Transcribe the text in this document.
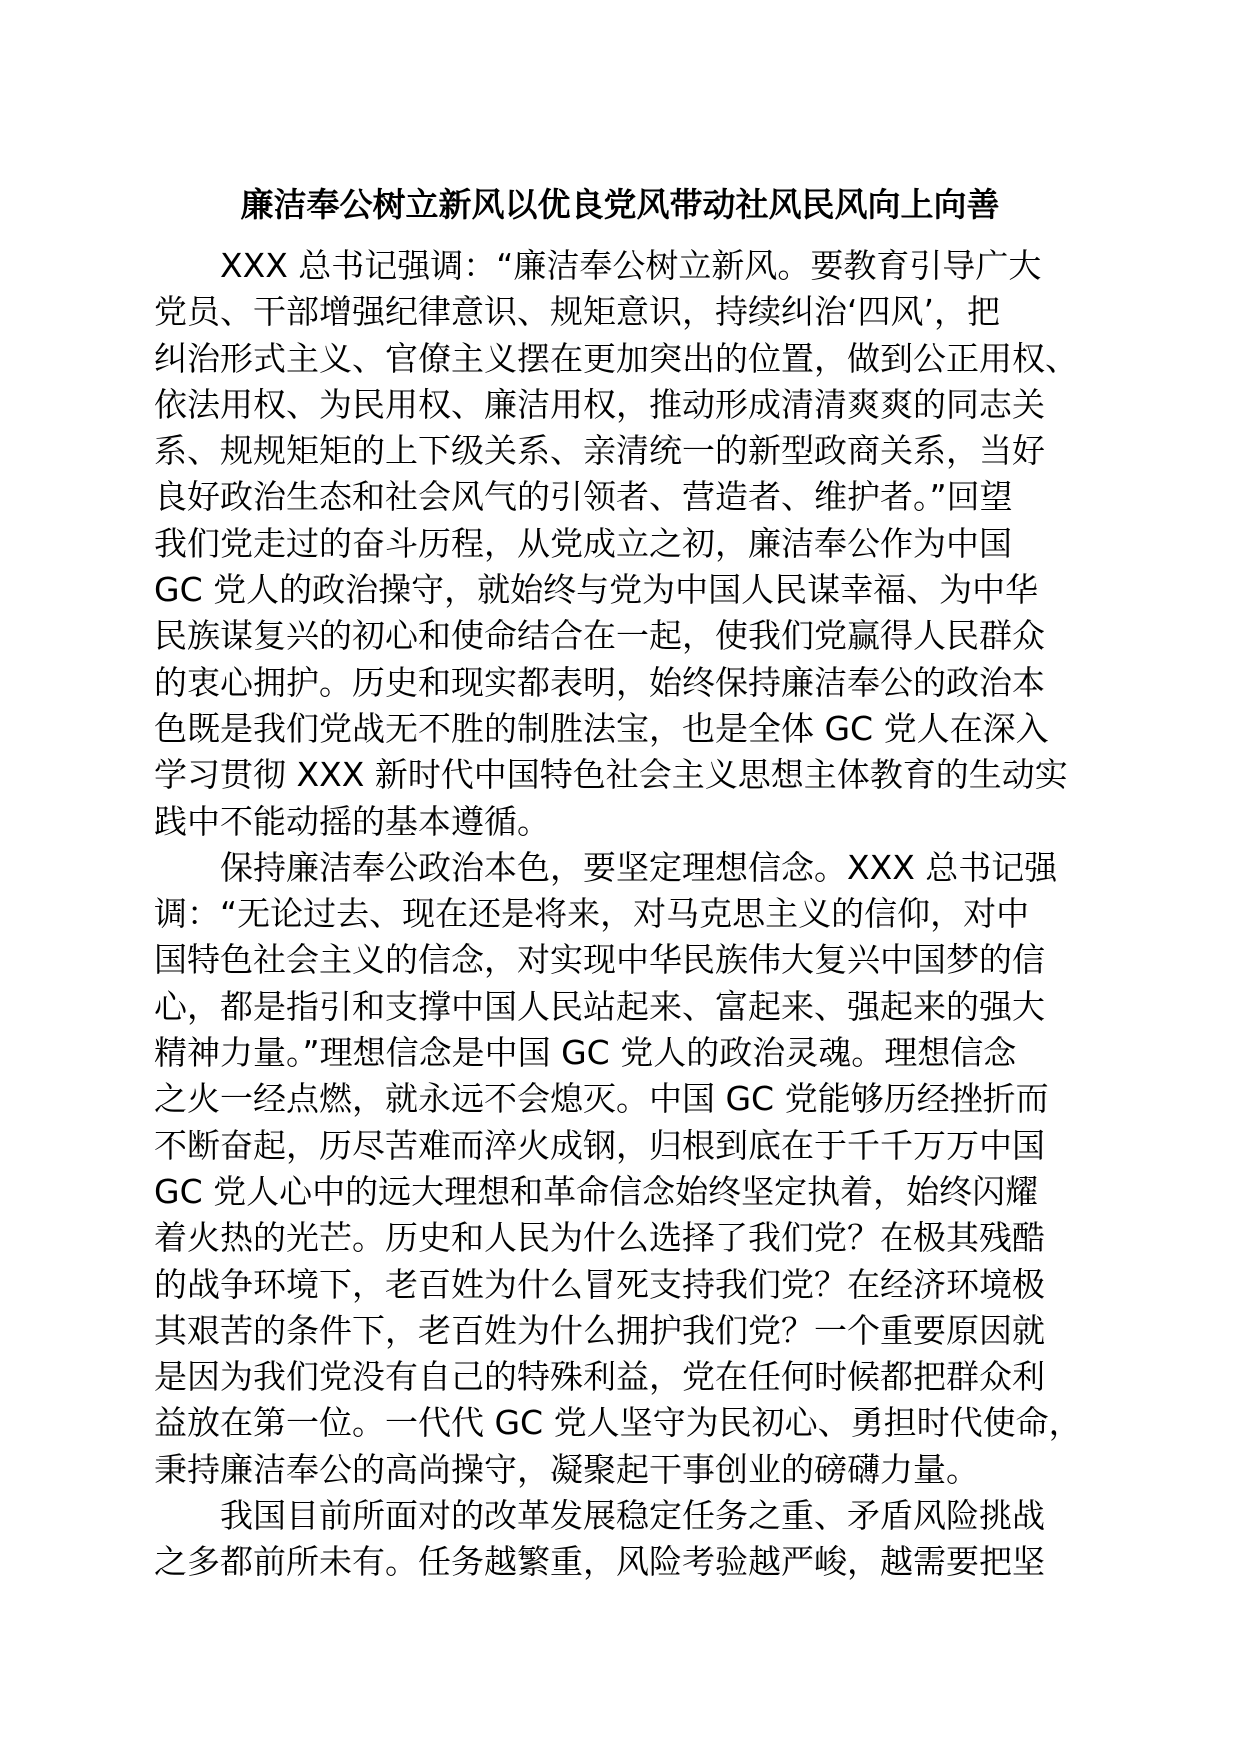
廉洁奉公树立新风以优良党风带动社风民风向上向善
XXX 总书记强调：“廉洁奉公树立新风。要教育引导广大
党员、干部增强纪律意识、规矩意识，持续纠治‘四风’，把
纠治形式主义、官僚主义摆在更加突出的位置，做到公正用权、
依法用权、为民用权、廉洁用权，推动形成清清爽爽的同志关
系、规规矩矩的上下级关系、亲清统一的新型政商关系，当好
良好政治生态和社会风气的引领者、营造者、维护者。”回望
我们党走过的奋斗历程，从党成立之初，廉洁奉公作为中国
GC 党人的政治操守，就始终与党为中国人民谋幸福、为中华
民族谋复兴的初心和使命结合在一起，使我们党赢得人民群众
的衷心拥护。历史和现实都表明，始终保持廉洁奉公的政治本
色既是我们党战无不胜的制胜法宝，也是全体 GC 党人在深入
学习贯彻 XXX 新时代中国特色社会主义思想主体教育的生动实
践中不能动摇的基本遵循。
保持廉洁奉公政治本色，要坚定理想信念。XXX 总书记强
调：“无论过去、现在还是将来，对马克思主义的信仰，对中
国特色社会主义的信念，对实现中华民族伟大复兴中国梦的信
心，都是指引和支撑中国人民站起来、富起来、强起来的强大
精神力量。”理想信念是中国 GC 党人的政治灵魂。理想信念
之火一经点燃，就永远不会熄灭。中国 GC 党能够历经挫折而
不断奋起，历尽苦难而淬火成钢，归根到底在于千千万万中国
GC 党人心中的远大理想和革命信念始终坚定执着，始终闪耀
着火热的光芒。历史和人民为什么选择了我们党？在极其残酷
的战争环境下，老百姓为什么冒死支持我们党？在经济环境极
其艰苦的条件下，老百姓为什么拥护我们党？一个重要原因就
是因为我们党没有自己的特殊利益，党在任何时候都把群众利
益放在第一位。一代代 GC 党人坚守为民初心、勇担时代使命，
秉持廉洁奉公的高尚操守，凝聚起干事创业的磅礴力量。
我国目前所面对的改革发展稳定任务之重、矛盾风险挑战
之多都前所未有。任务越繁重，风险考验越严峻，越需要把坚
